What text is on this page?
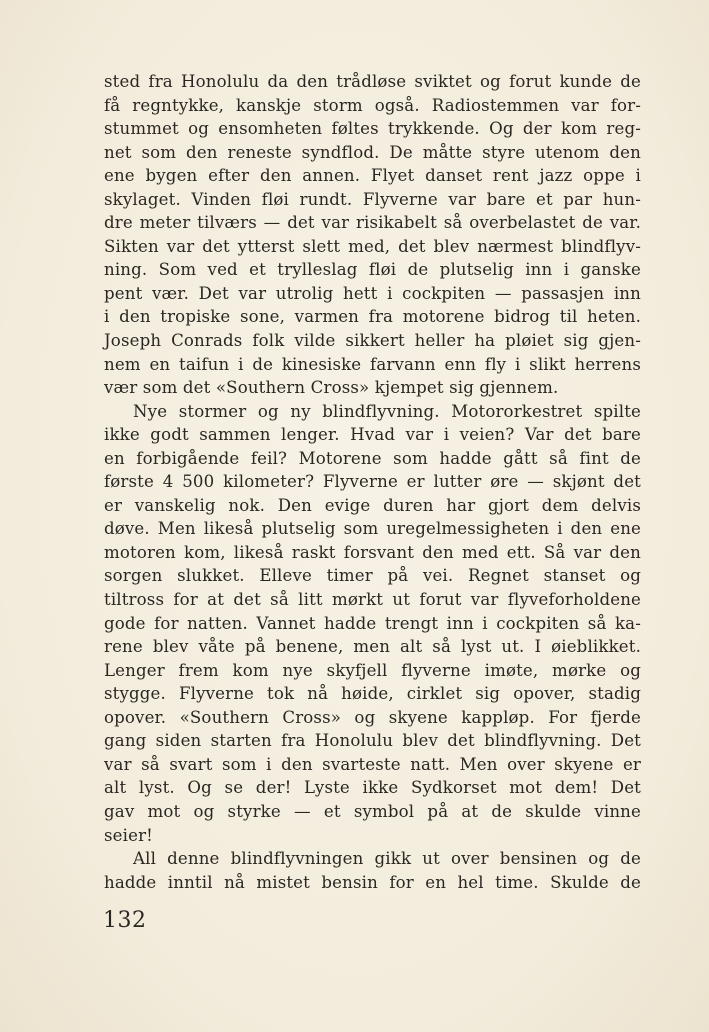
sted fra Honolulu da den trådløse sviktet og forut kunde de
få regntykke, kanskje storm også. Radiostemmen var for-
stummet og ensomheten føltes trykkende. Og der kom reg-
net som den reneste syndflod. De måtte styre utenom den
ene bygen efter den annen. Flyet danset rent jazz oppe i
skylaget. Vinden fløi rundt. Flyverne var bare et par hun-
dre meter tilværs — det var risikabelt så overbelastet de var.
Sikten var det ytterst slett med, det blev nærmest blindflyv-
ning. Som ved et trylleslag fløi de plutselig inn i ganske
pent vær. Det var utrolig hett i cockpiten — passasjen inn
i den tropiske sone, varmen fra motorene bidrog til heten.
Joseph Conrads folk vilde sikkert heller ha pløiet sig gjen-
nem en taifun i de kinesiske farvann enn fly i slikt herrens
vær som det «Southern Cross» kjempet sig gjennem.
Nye stormer og ny blindflyvning. Motororkestret spilte
ikke godt sammen lenger. Hvad var i veien? Var det bare
en forbigående feil? Motorene som hadde gått så fint de
første 4 500 kilometer? Flyverne er lutter øre — skjønt det
er vanskelig nok. Den evige duren har gjort dem delvis
døve. Men likeså plutselig som uregelmessigheten i den ene
motoren kom, likeså raskt forsvant den med ett. Så var den
sorgen slukket. Elleve timer på vei. Regnet stanset og
tiltross for at det så litt mørkt ut forut var flyveforholdene
gode for natten. Vannet hadde trengt inn i cockpiten så ka-
rene blev våte på benene, men alt så lyst ut. I øieblikket.
Lenger frem kom nye skyfjell flyverne imøte, mørke og
stygge. Flyverne tok nå høide, cirklet sig opover, stadig
opover. «Southern Cross» og skyene kappløp. For fjerde
gang siden starten fra Honolulu blev det blindflyvning. Det
var så svart som i den svarteste natt. Men over skyene er
alt lyst. Og se der! Lyste ikke Sydkorset mot dem! Det
gav mot og styrke — et symbol på at de skulde vinne
seier!
All denne blindflyvningen gikk ut over bensinen og de
hadde inntil nå mistet bensin for en hel time. Skulde de
132
